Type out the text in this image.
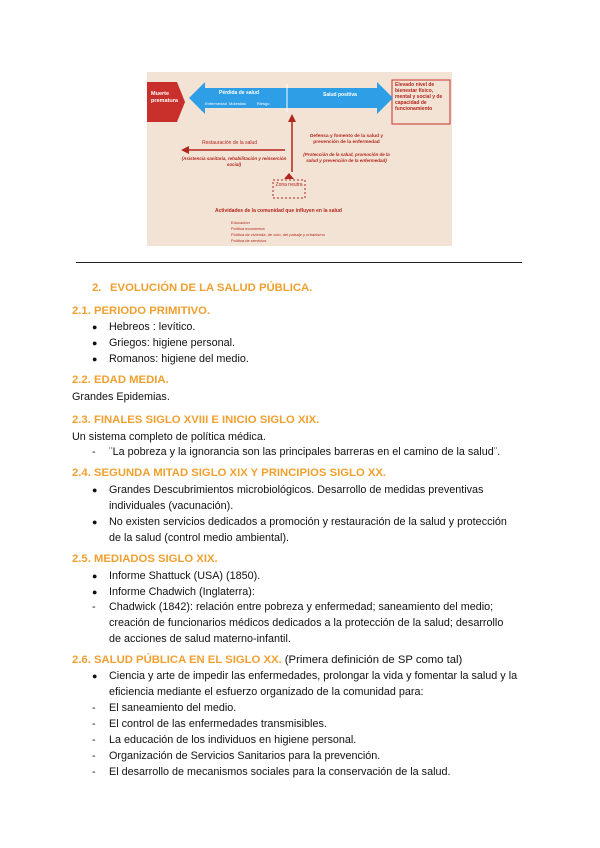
Muerte prematura
Elevado nivel de bienestar físico, mental y social y de capacidad de funcionamiento
Pérdida de salud
Enfermedad Molestias	Riesgo
Salud positiva
Restauración de la salud
(Asistencia sanitaria, rehabilitación y reinserción social)
Defensa y fomento de la salud y prevención de la enfermedad
(Protección de la salud, promoción de la salud y prevención de la enfermedad)
Zona neutra
Actividades de la comunidad que influyen en la salud
Educación
Política económica
Política de vivienda, de ocio, del paisaje y urbanismo
Política de servicios
2. EVOLUCIÓN DE LA SALUD PÚBLICA.
2.1. PERIODO PRIMITIVO.
● Hebreos : levítico.
● Griegos: higiene personal.
● Romanos: higiene del medio.
2.2. EDAD MEDIA.
Grandes Epidemias.
2.3. FINALES SIGLO XVIII E INICIO SIGLO XIX.
Un sistema completo de política médica.
- ¨La pobreza y la ignorancia son las principales barreras en el camino de la salud¨.
2.4. SEGUNDA MITAD SIGLO XIX Y PRINCIPIOS SIGLO XX.
● Grandes Descubrimientos microbiológicos. Desarrollo de medidas preventivas
individuales (vacunación).
● No existen servicios dedicados a promoción y restauración de la salud y protección
de la salud (control medio ambiental).
2.5. MEDIADOS SIGLO XIX.
● Informe Shattuck (USA) (1850).
● Informe Chadwich (Inglaterra):
- Chadwick (1842): relación entre pobreza y enfermedad; saneamiento del medio;
creación de funcionarios médicos dedicados a la protección de la salud; desarrollo
de acciones de salud materno-infantil.
2.6. SALUD PÚBLICA EN EL SIGLO XX. (Primera definición de SP como tal)
● Ciencia y arte de impedir las enfermedades, prolongar la vida y fomentar la salud y la
eficiencia mediante el esfuerzo organizado de la comunidad para:
- El saneamiento del medio.
- El control de las enfermedades transmisibles.
- La educación de los individuos en higiene personal.
- Organización de Servicios Sanitarios para la prevención.
- El desarrollo de mecanismos sociales para la conservación de la salud.
